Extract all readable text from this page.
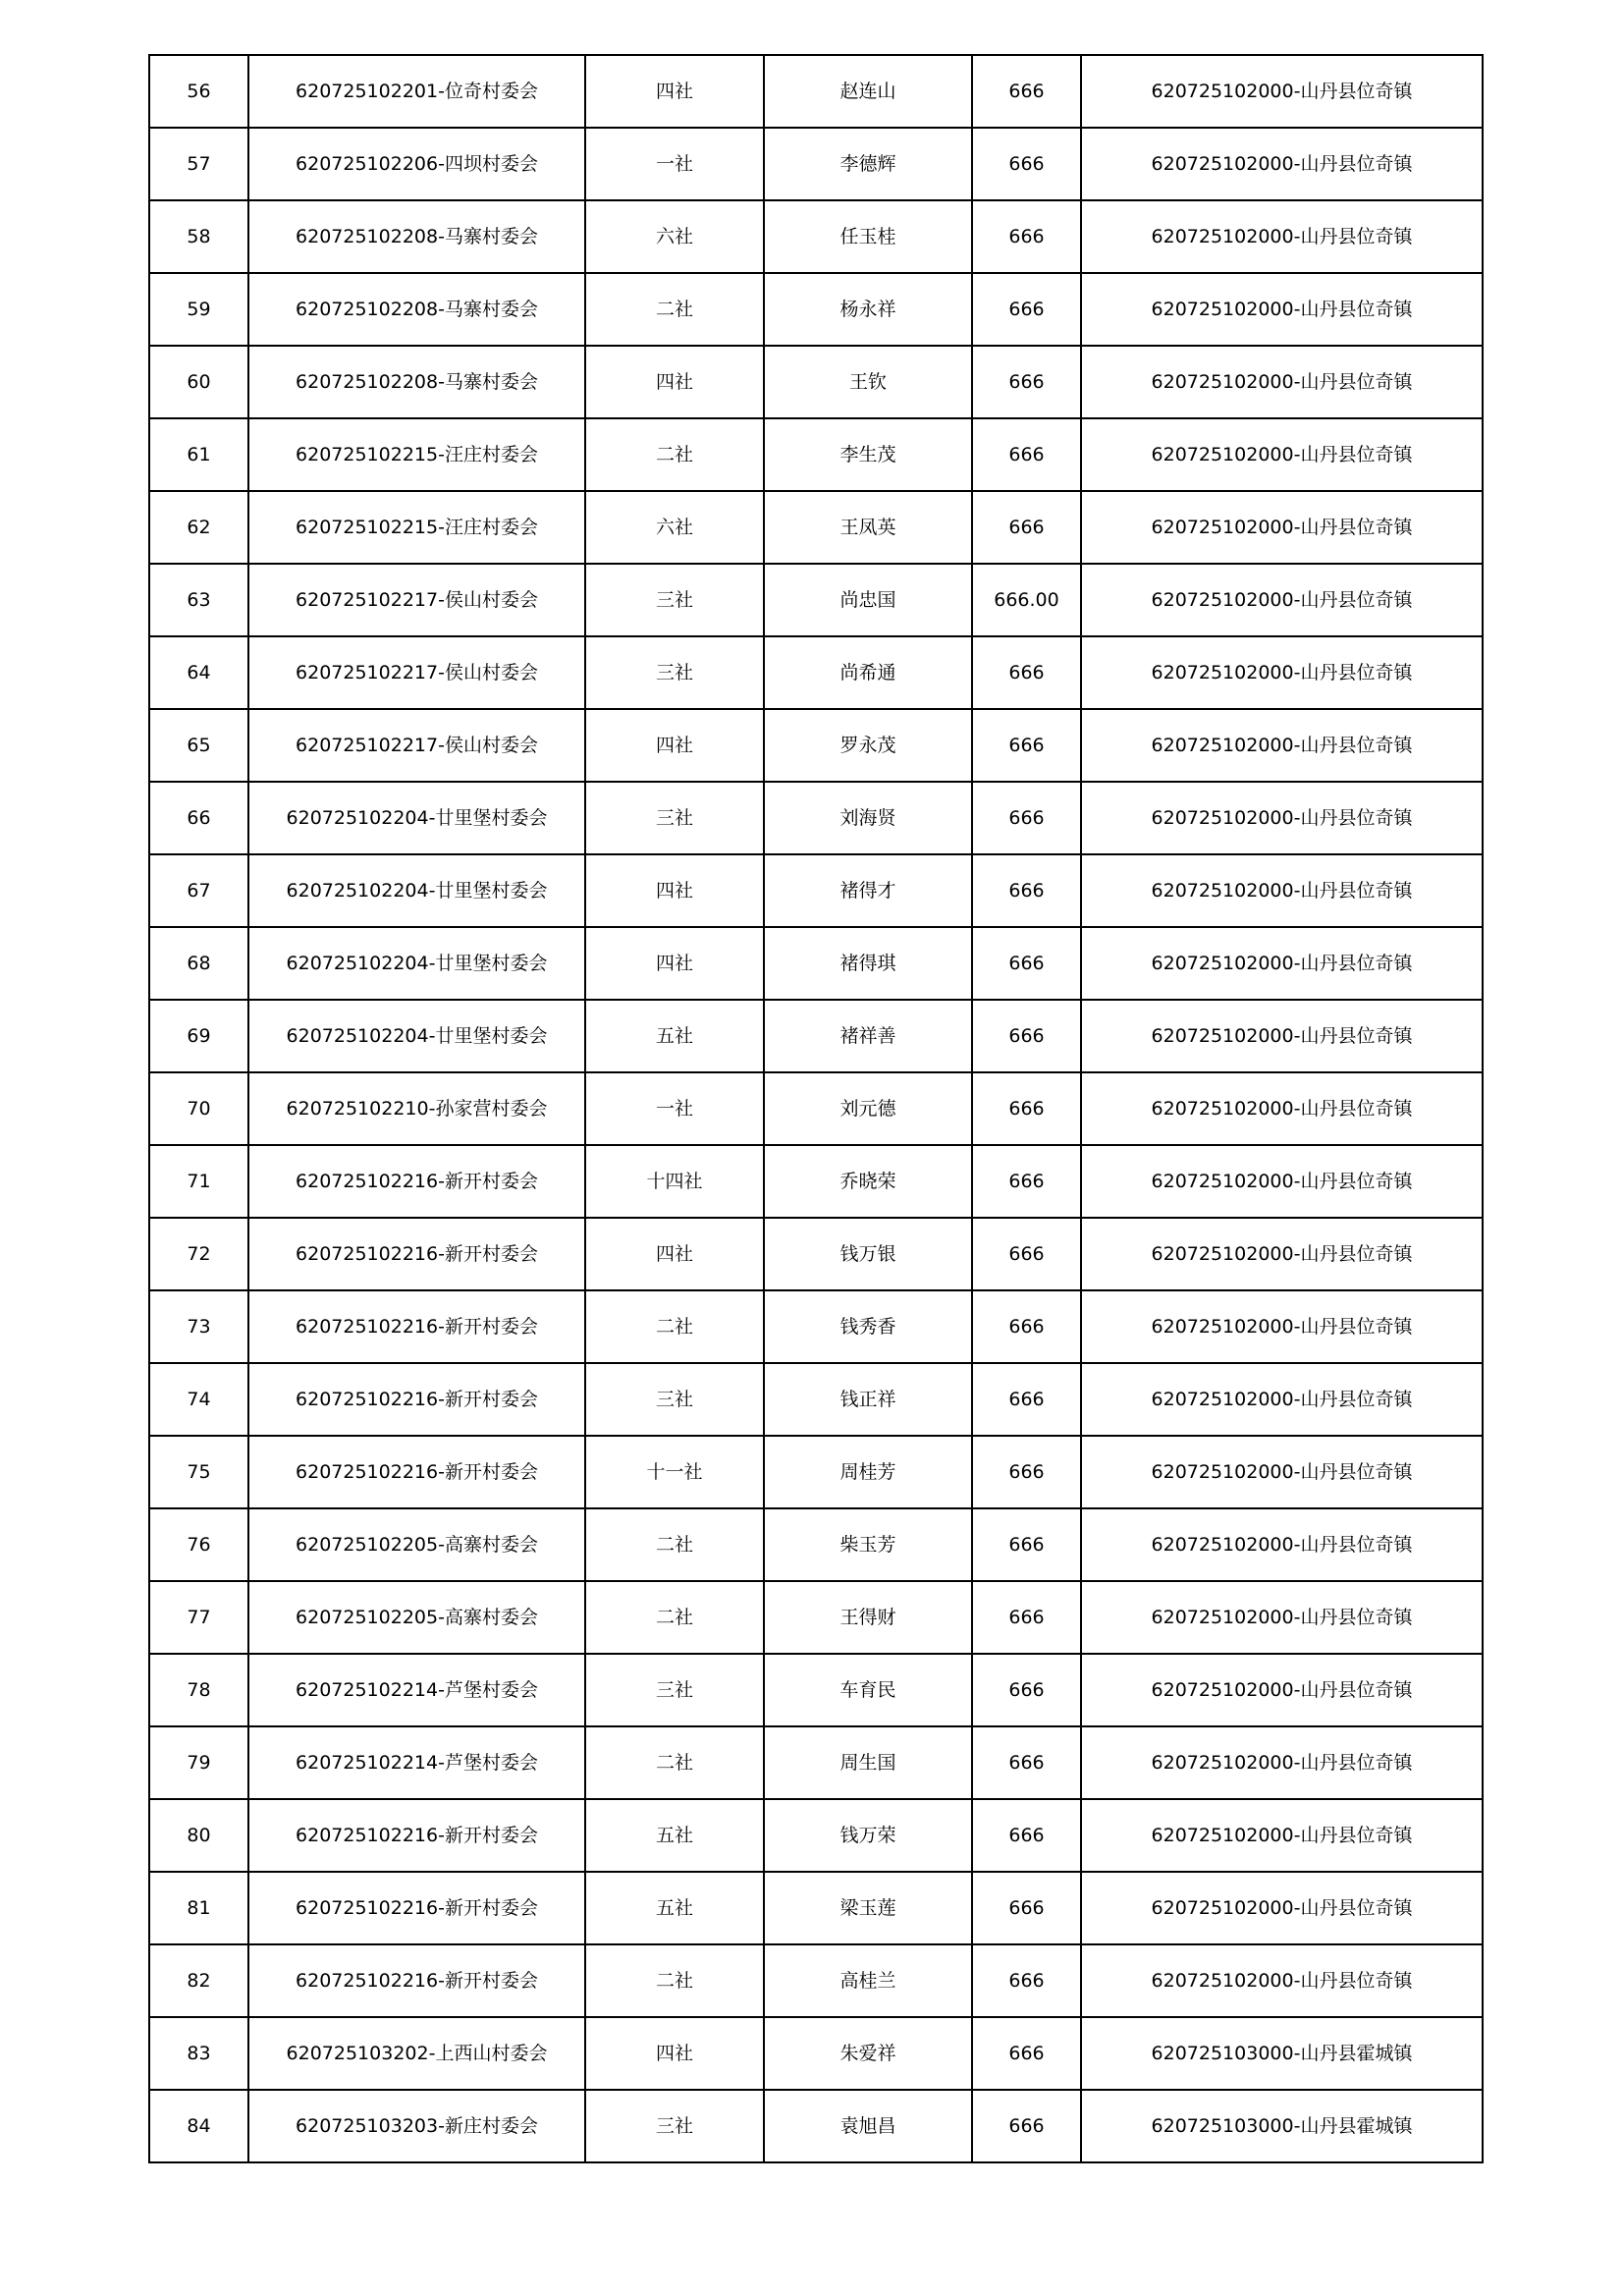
56	620725102201-位奇村委会	四社	赵连山	666	620725102000-山丹县位奇镇
57	620725102206-四坝村委会	一社	李德辉	666	620725102000-山丹县位奇镇
58	620725102208-马寨村委会	六社	任玉桂	666	620725102000-山丹县位奇镇
59	620725102208-马寨村委会	二社	杨永祥	666	620725102000-山丹县位奇镇
60	620725102208-马寨村委会	四社	王钦	666	620725102000-山丹县位奇镇
61	620725102215-汪庄村委会	二社	李生茂	666	620725102000-山丹县位奇镇
62	620725102215-汪庄村委会	六社	王凤英	666	620725102000-山丹县位奇镇
63	620725102217-侯山村委会	三社	尚忠国	666.00	620725102000-山丹县位奇镇
64	620725102217-侯山村委会	三社	尚希通	666	620725102000-山丹县位奇镇
65	620725102217-侯山村委会	四社	罗永茂	666	620725102000-山丹县位奇镇
66	620725102204-廿里堡村委会	三社	刘海贤	666	620725102000-山丹县位奇镇
67	620725102204-廿里堡村委会	四社	褚得才	666	620725102000-山丹县位奇镇
68	620725102204-廿里堡村委会	四社	褚得琪	666	620725102000-山丹县位奇镇
69	620725102204-廿里堡村委会	五社	褚祥善	666	620725102000-山丹县位奇镇
70	620725102210-孙家营村委会	一社	刘元德	666	620725102000-山丹县位奇镇
71	620725102216-新开村委会	十四社	乔晓荣	666	620725102000-山丹县位奇镇
72	620725102216-新开村委会	四社	钱万银	666	620725102000-山丹县位奇镇
73	620725102216-新开村委会	二社	钱秀香	666	620725102000-山丹县位奇镇
74	620725102216-新开村委会	三社	钱正祥	666	620725102000-山丹县位奇镇
75	620725102216-新开村委会	十一社	周桂芳	666	620725102000-山丹县位奇镇
76	620725102205-高寨村委会	二社	柴玉芳	666	620725102000-山丹县位奇镇
77	620725102205-高寨村委会	二社	王得财	666	620725102000-山丹县位奇镇
78	620725102214-芦堡村委会	三社	车育民	666	620725102000-山丹县位奇镇
79	620725102214-芦堡村委会	二社	周生国	666	620725102000-山丹县位奇镇
80	620725102216-新开村委会	五社	钱万荣	666	620725102000-山丹县位奇镇
81	620725102216-新开村委会	五社	梁玉莲	666	620725102000-山丹县位奇镇
82	620725102216-新开村委会	二社	高桂兰	666	620725102000-山丹县位奇镇
83	620725103202-上西山村委会	四社	朱爱祥	666	620725103000-山丹县霍城镇
84	620725103203-新庄村委会	三社	袁旭昌	666	620725103000-山丹县霍城镇
